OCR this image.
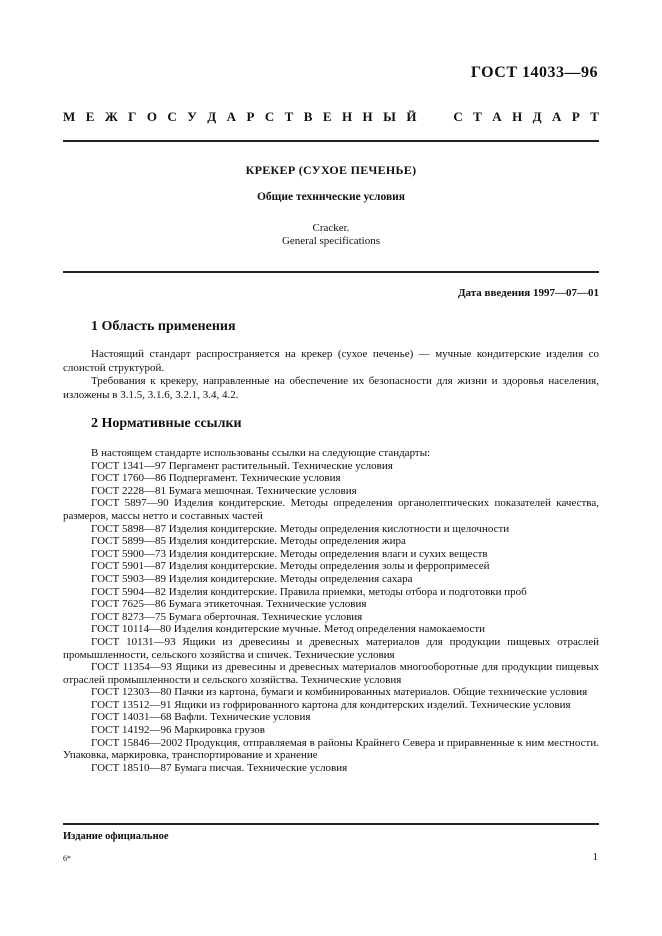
ГОСТ 14033—96
М Е Ж Г О С У Д А Р С Т В Е Н Н Ы Й	С Т А Н Д А Р Т
КРЕКЕР (СУХОЕ ПЕЧЕНЬЕ)
Общие технические условия
Cracker.
General specifications
Дата введения 1997—07—01
1 Область применения

Настоящий стандарт распространяется на крекер (сухое печенье) — мучные кондитерские изделия со слоистой структурой.

Требования к крекеру, направленные на обеспечение их безопасности для жизни и здоровья населения, изложены в 3.1.5, 3.1.6, 3.2.1, 3.4, 4.2.

2 Нормативные ссылки

В настоящем стандарте использованы ссылки на следующие стандарты:

ГОСТ 1341—97 Пергамент растительный. Технические условия

ГОСТ 1760—86 Подпергамент. Технические условия

ГОСТ 2228—81 Бумага мешочная. Технические условия

ГОСТ 5897—90 Изделия кондитерские. Методы определения органолептических показателей качества, размеров, массы нетто и составных частей

ГОСТ 5898—87 Изделия кондитерские. Методы определения кислотности и щелочности

ГОСТ 5899—85 Изделия кондитерские. Методы определения жира

ГОСТ 5900—73 Изделия кондитерские. Методы определения влаги и сухих веществ

ГОСТ 5901—87 Изделия кондитерские. Методы определения золы и ферропримесей

ГОСТ 5903—89 Изделия кондитерские. Методы определения сахара

ГОСТ 5904—82 Изделия кондитерские. Правила приемки, методы отбора и подготовки проб

ГОСТ 7625—86 Бумага этикеточная. Технические условия

ГОСТ 8273—75 Бумага оберточная. Технические условия

ГОСТ 10114—80 Изделия кондитерские мучные. Метод определения намокаемости

ГОСТ 10131—93 Ящики из древесины и древесных материалов для продукции пищевых отраслей промышленности, сельского хозяйства и спичек. Технические условия

ГОСТ 11354—93 Ящики из древесины и древесных материалов многооборотные для продукции пищевых отраслей промышленности и сельского хозяйства. Технические условия

ГОСТ 12303—80 Пачки из картона, бумаги и комбинированных материалов. Общие технические условия

ГОСТ 13512—91 Ящики из гофрированного картона для кондитерских изделий. Технические условия

ГОСТ 14031—68 Вафли. Технические условия

ГОСТ 14192—96 Маркировка грузов

ГОСТ 15846—2002 Продукция, отправляемая в районы Крайнего Севера и приравненные к ним местности. Упаковка, маркировка, транспортирование и хранение

ГОСТ 18510—87 Бумага писчая. Технические условия

Издание официальное
6*	1
